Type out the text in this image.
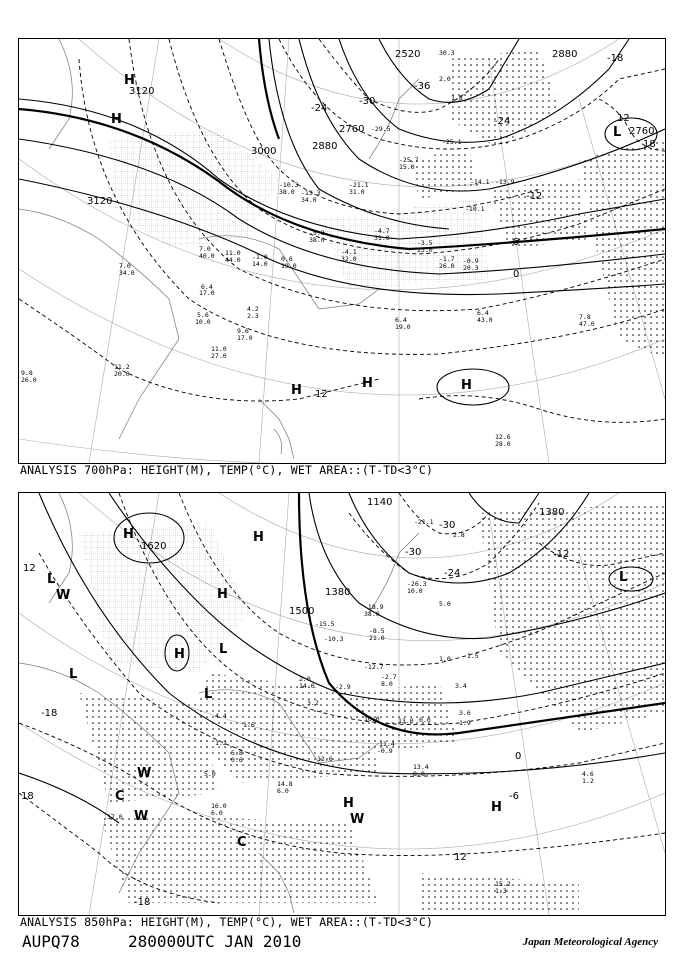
3120
3120
3000	2880
2760
2520	2880
2760
-24
-30
-36
-24
-18
12
18
-12
-6
0
12
H
H
L
H	H	H
7.0
40.0 11.0
44.0 -1.0
14.0
0.6
19.0
-5.3
38.0
-4.1
32.0
-4.7
31.0
-3.5
23.0
-1.7
26.0
-0.9
20.3
-10.3
38.0 -13.3
34.0
-21.1
31.0
-25.7
15.0
-14.1
-10.1
-13.9
-25.1
-29.5
1.8
30.3
2.0
6.4
17.0
7.0
34.0
5.6
10.0
9.6
17.0
4.2
2.3	6.4
19.0
6.4
43.0	7.8
47.0
11.2
20.0
11.0
27.0
12.6
28.0
9.8
26.0
ANALYSIS 700hPa: HEIGHT(M), TEMP(°C), WET AREA::(T-TD<3°C)
1620
1500
1380
1140
1380
12
-18
18
-18
-30
-30
-24
-12
12
0
-6
H	H
H
H
L
L
L
L
L
H	H
C
C
W
W
W	W
-26.3
10.0
-18.9
38.0
-15.5
-10.3
-8.5
21.0
-12.7
-2.7
8.0
2.0
14.0	-2.9	3.4
3.6
1.9
0.0
13.0
16.0
3.2
1.6
1.2
4.4
5.8
0.6	12.6
14.8
6.0
13.4
8.0
11.4
-0.9
5.0
16.0
6.0
17.0
15.2
1.3
4.6
1.2
-21.1
2.8
5.0
-1.5
1.0
ANALYSIS 850hPa: HEIGHT(M), TEMP(°C), WET AREA::(T-TD<3°C)
AUPQ78	280000UTC JAN 2010	Japan Meteorological Agency
